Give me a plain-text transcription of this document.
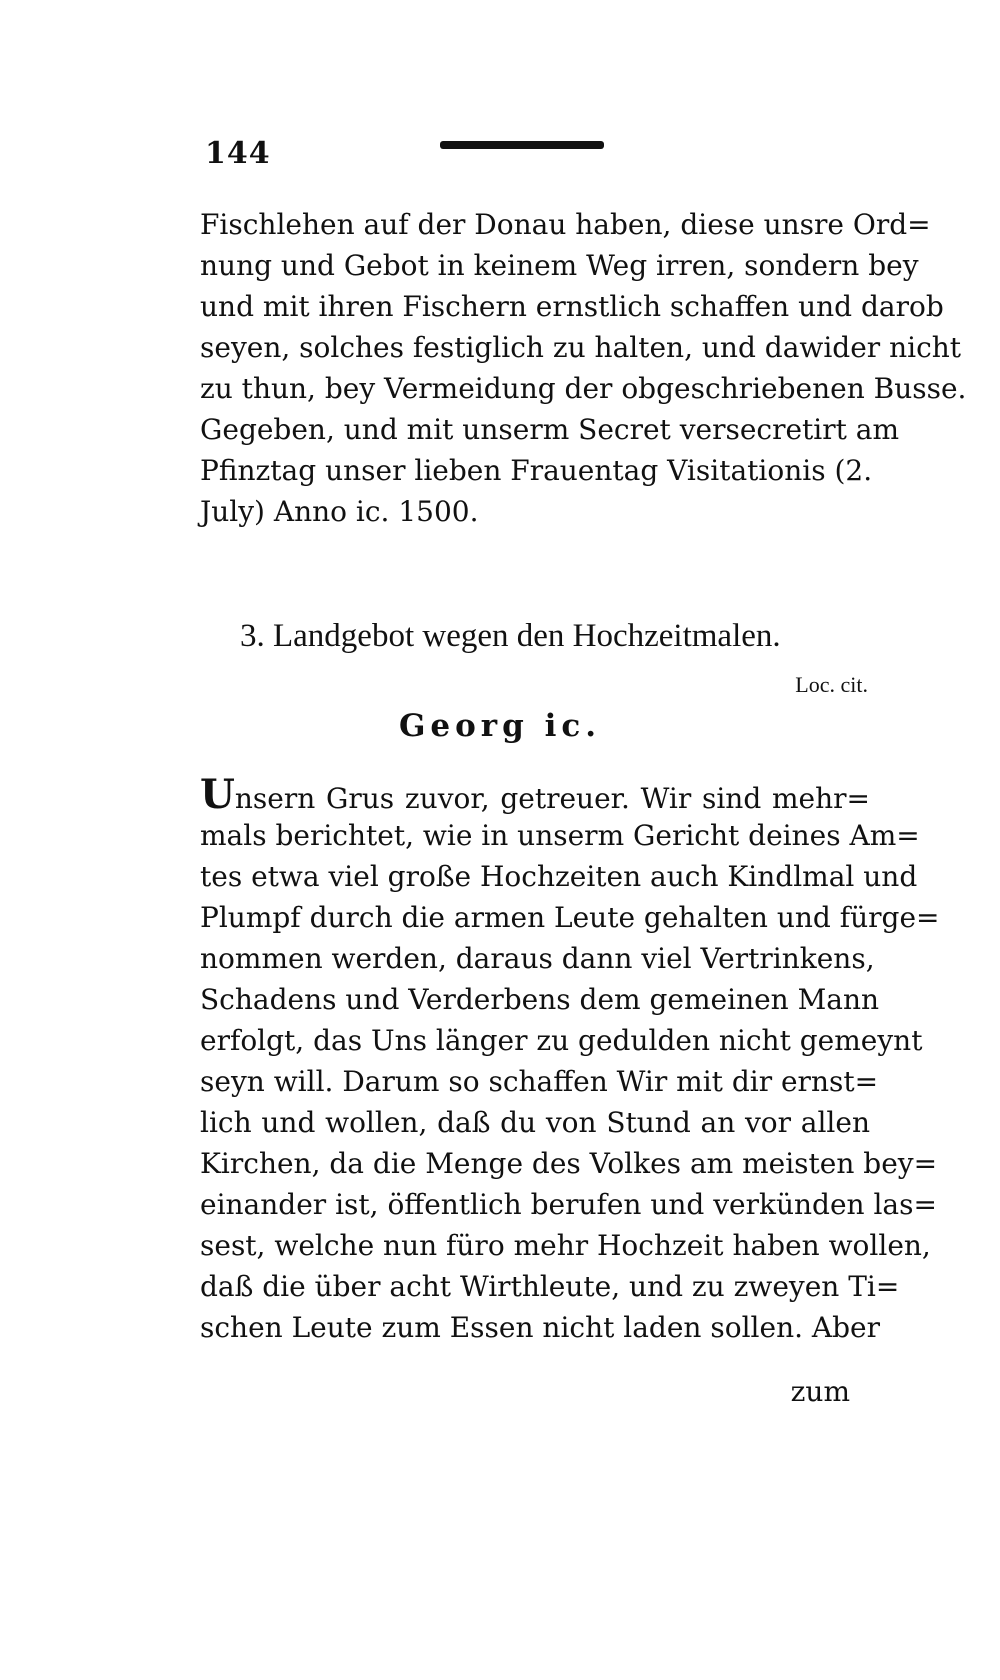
144
Fischlehen auf der Donau haben, diese unsre Ord=
nung und Gebot in keinem Weg irren, sondern bey
und mit ihren Fischern ernstlich schaffen und darob
seyen, solches festiglich zu halten, und dawider nicht
zu thun, bey Vermeidung der obgeschriebenen Busse.
Gegeben, und mit unserm Secret versecretirt am
Pfinztag unser lieben Frauentag Visitationis (2.
July) Anno ic. 1500.
3. Landgebot wegen den Hochzeitmalen.
Loc. cit.
Georg ic.
Unsern Grus zuvor, getreuer. Wir sind mehr=
mals berichtet, wie in unserm Gericht deines Am=
tes etwa viel große Hochzeiten auch Kindlmal und
Plumpf durch die armen Leute gehalten und fürge=
nommen werden, daraus dann viel Vertrinkens,
Schadens und Verderbens dem gemeinen Mann
erfolgt, das Uns länger zu gedulden nicht gemeynt
seyn will. Darum so schaffen Wir mit dir ernst=
lich und wollen, daß du von Stund an vor allen
Kirchen, da die Menge des Volkes am meisten bey=
einander ist, öffentlich berufen und verkünden las=
sest, welche nun füro mehr Hochzeit haben wollen,
daß die über acht Wirthleute, und zu zweyen Ti=
schen Leute zum Essen nicht laden sollen. Aber
zum
